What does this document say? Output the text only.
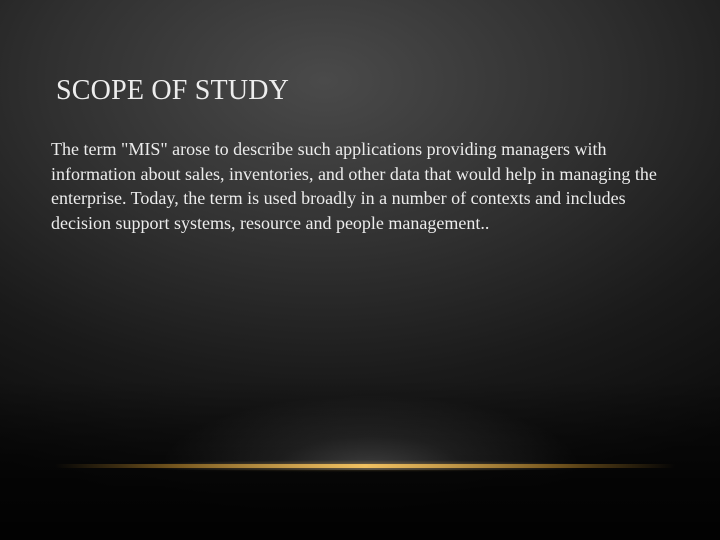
SCOPE OF STUDY

The term "MIS" arose to describe such applications providing managers with information about sales, inventories, and other data that would help in managing the enterprise. Today, the term is used broadly in a number of contexts and includes decision support systems, resource and people management..
